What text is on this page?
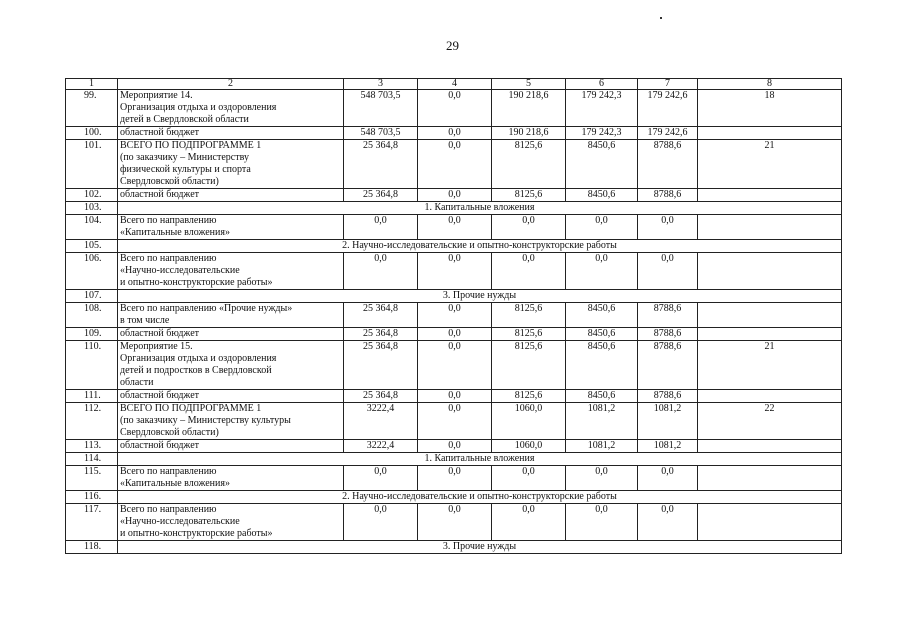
29
1	2	3	4	5	6	7	8
99.	Мероприятие 14.
Организация отдыха и оздоровления
детей в Свердловской области	548 703,5	0,0	190 218,6	179 242,3	179 242,6	18
100.	областной бюджет	548 703,5	0,0	190 218,6	179 242,3	179 242,6	
101.	ВСЕГО ПО ПОДПРОГРАММЕ 1
(по заказчику – Министерству
физической культуры и спорта
Свердловской области)	25 364,8	0,0	8125,6	8450,6	8788,6	21
102.	областной бюджет	25 364,8	0,0	8125,6	8450,6	8788,6	
103.	1. Капитальные вложения						
104.	Всего по направлению
«Капитальные вложения»	0,0	0,0	0,0	0,0	0,0	
105.	2. Научно-исследовательские и опытно-конструкторские работы						
106.	Всего по направлению
«Научно-исследовательские
и опытно-конструкторские работы»	0,0	0,0	0,0	0,0	0,0	
107.	3. Прочие нужды						
108.	Всего по направлению «Прочие нужды»
в том числе	25 364,8	0,0	8125,6	8450,6	8788,6	
109.	областной бюджет	25 364,8	0,0	8125,6	8450,6	8788,6	
110.	Мероприятие 15.
Организация отдыха и оздоровления
детей и подростков в Свердловской
области	25 364,8	0,0	8125,6	8450,6	8788,6	21
111.	областной бюджет	25 364,8	0,0	8125,6	8450,6	8788,6	
112.	ВСЕГО ПО ПОДПРОГРАММЕ 1
(по заказчику – Министерству культуры
Свердловской области)	3222,4	0,0	1060,0	1081,2	1081,2	22
113.	областной бюджет	3222,4	0,0	1060,0	1081,2	1081,2	
114.	1. Капитальные вложения						
115.	Всего по направлению
«Капитальные вложения»	0,0	0,0	0,0	0,0	0,0	
116.	2. Научно-исследовательские и опытно-конструкторские работы						
117.	Всего по направлению
«Научно-исследовательские
и опытно-конструкторские работы»	0,0	0,0	0,0	0,0	0,0	
118.	3. Прочие нужды						
